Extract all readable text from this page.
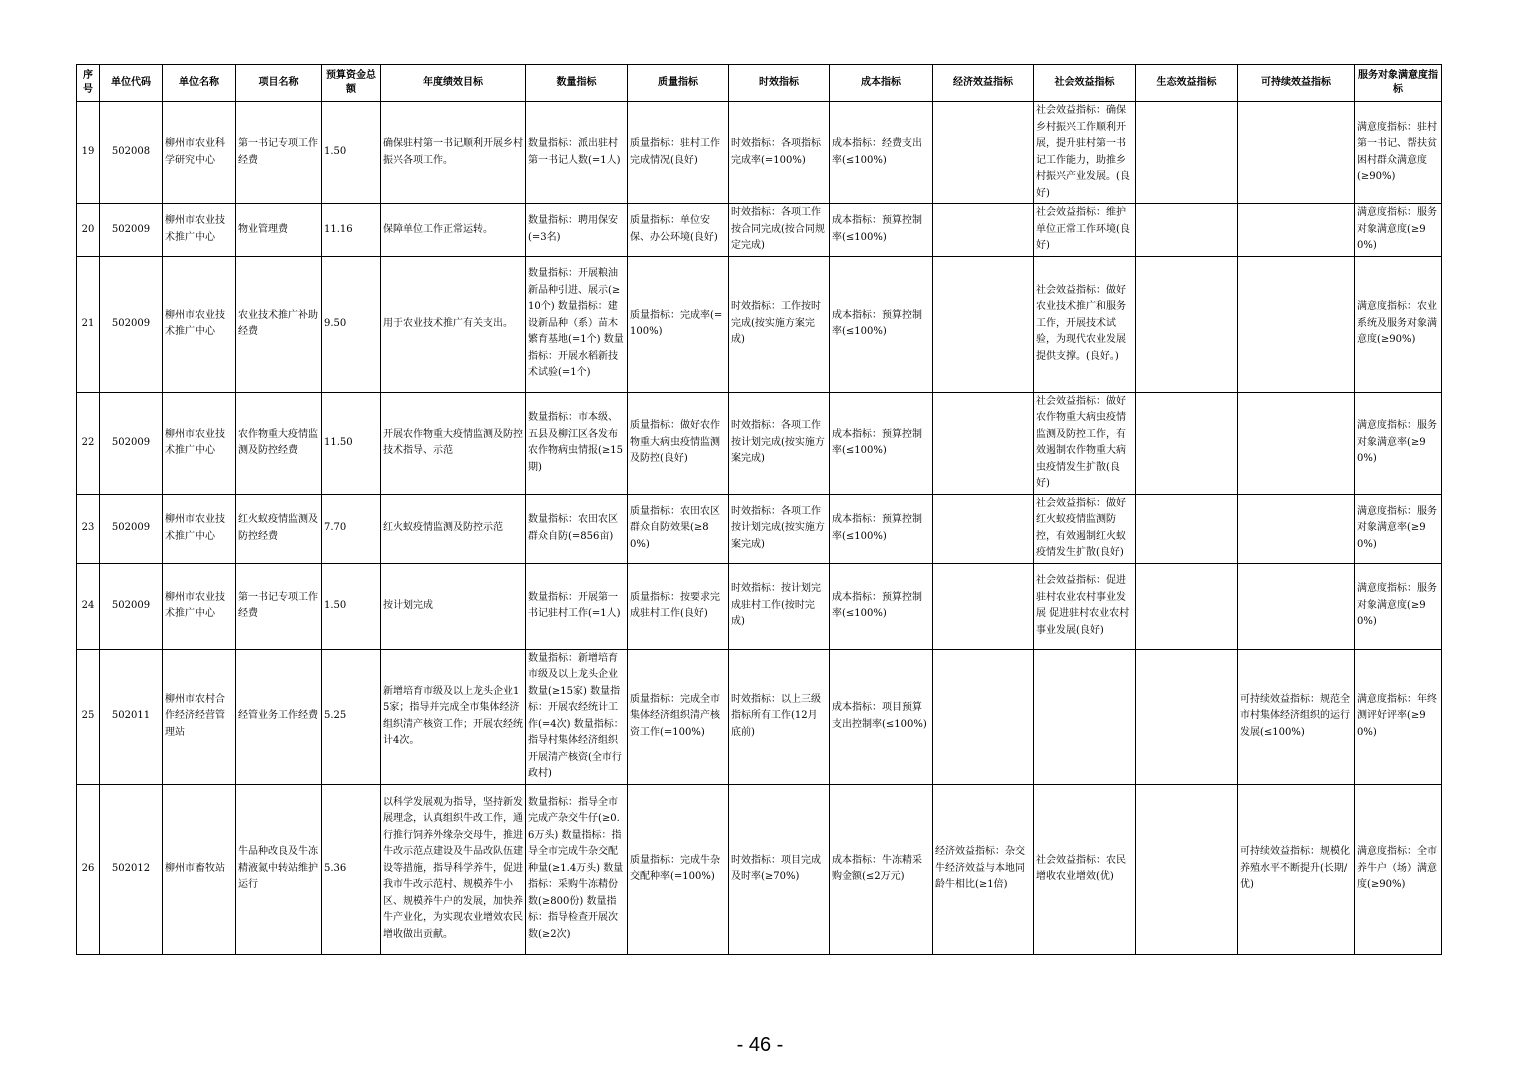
序号	单位代码	单位名称	项目名称	预算资金总额	年度绩效目标	数量指标	质量指标	时效指标	成本指标	经济效益指标	社会效益指标	生态效益指标	可持续效益指标	服务对象满意度指标
19	502008	柳州市农业科学研究中心	第一书记专项工作经费	1.50	确保驻村第一书记顺利开展乡村振兴各项工作。	数量指标：派出驻村第一书记人数(=1人)	质量指标：驻村工作完成情况(良好)	时效指标：各项指标完成率(=100%)	成本指标：经费支出率(≤100%)		社会效益指标：确保乡村振兴工作顺利开展，提升驻村第一书记工作能力，助推乡村振兴产业发展。(良好)			满意度指标：驻村第一书记、帮扶贫困村群众满意度(≥90%)
20	502009	柳州市农业技术推广中心	物业管理费	11.16	保障单位工作正常运转。	数量指标：聘用保安(=3名)	质量指标：单位安保、办公环境(良好)	时效指标：各项工作按合同完成(按合同规定完成)	成本指标：预算控制率(≤100%)		社会效益指标：维护单位正常工作环境(良好)			满意度指标：服务对象满意度(≥90%)
21	502009	柳州市农业技术推广中心	农业技术推广补助经费	9.50	用于农业技术推广有关支出。	数量指标：开展粮油新品种引进、展示(≥10个) 数量指标：建设新品种（系）苗木繁育基地(=1个) 数量指标：开展水稻新技术试验(=1个)	质量指标：完成率(=100%)	时效指标：工作按时完成(按实施方案完成)	成本指标：预算控制率(≤100%)		社会效益指标：做好农业技术推广和服务工作，开展技术试验，为现代农业发展提供支撑。(良好。)			满意度指标：农业系统及服务对象满意度(≥90%)
22	502009	柳州市农业技术推广中心	农作物重大疫情监测及防控经费	11.50	开展农作物重大疫情监测及防控技术指导、示范	数量指标：市本级、五县及柳江区各发布农作物病虫情报(≥15期)	质量指标：做好农作物重大病虫疫情监测及防控(良好)	时效指标：各项工作按计划完成(按实施方案完成)	成本指标：预算控制率(≤100%)		社会效益指标：做好农作物重大病虫疫情监测及防控工作，有效遏制农作物重大病虫疫情发生扩散(良好)			满意度指标：服务对象满意率(≥90%)
23	502009	柳州市农业技术推广中心	红火蚁疫情监测及防控经费	7.70	红火蚁疫情监测及防控示范	数量指标：农田农区群众自防(=856亩)	质量指标：农田农区群众自防效果(≥80%)	时效指标：各项工作按计划完成(按实施方案完成)	成本指标：预算控制率(≤100%)		社会效益指标：做好红火蚁疫情监测防控，有效遏制红火蚁疫情发生扩散(良好)			满意度指标：服务对象满意率(≥90%)
24	502009	柳州市农业技术推广中心	第一书记专项工作经费	1.50	按计划完成	数量指标：开展第一书记驻村工作(=1人)	质量指标：按要求完成驻村工作(良好)	时效指标：按计划完成驻村工作(按时完成)	成本指标：预算控制率(≤100%)		社会效益指标：促进驻村农业农村事业发展 促进驻村农业农村事业发展(良好)			满意度指标：服务对象满意度(≥90%)
25	502011	柳州市农村合作经济经营管理站	经管业务工作经费	5.25	新增培育市级及以上龙头企业15家；指导并完成全市集体经济组织清产核资工作；开展农经统计4次。	数量指标：新增培育市级及以上龙头企业数量(≥15家) 数量指标：开展农经统计工作(=4次) 数量指标：指导村集体经济组织开展清产核资(全市行政村)	质量指标：完成全市集体经济组织清产核资工作(=100%)	时效指标：以上三级指标所有工作(12月底前)	成本指标：项目预算支出控制率(≤100%)				可持续效益指标：规范全市村集体经济组织的运行发展(≤100%)	满意度指标：年终测评好评率(≥90%)
26	502012	柳州市畜牧站	牛品种改良及牛冻精液氮中转站维护运行	5.36	以科学发展观为指导，坚持新发展理念，认真组织牛改工作，通行推行饲养外缘杂交母牛，推进牛改示范点建设及牛品改队伍建设等措施，指导科学养牛，促进我市牛改示范村、规模养牛小区、规模养牛户的发展，加快养牛产业化，为实现农业增效农民增收做出贡献。	数量指标：指导全市完成产杂交牛仔(≥0.6万头) 数量指标：指导全市完成牛杂交配种量(≥1.4万头) 数量指标：采购牛冻精份数(≥800份) 数量指标：指导检查开展次数(≥2次)	质量指标：完成牛杂交配种率(=100%)	时效指标：项目完成及时率(≥70%)	成本指标：牛冻精采购金额(≤2万元)	经济效益指标：杂交牛经济效益与本地同龄牛相比(≥1倍)	社会效益指标：农民增收农业增效(优)		可持续效益指标：规模化养殖水平不断提升(长期/优)	满意度指标：全市养牛户（场）满意度(≥90%)
- 46 -
